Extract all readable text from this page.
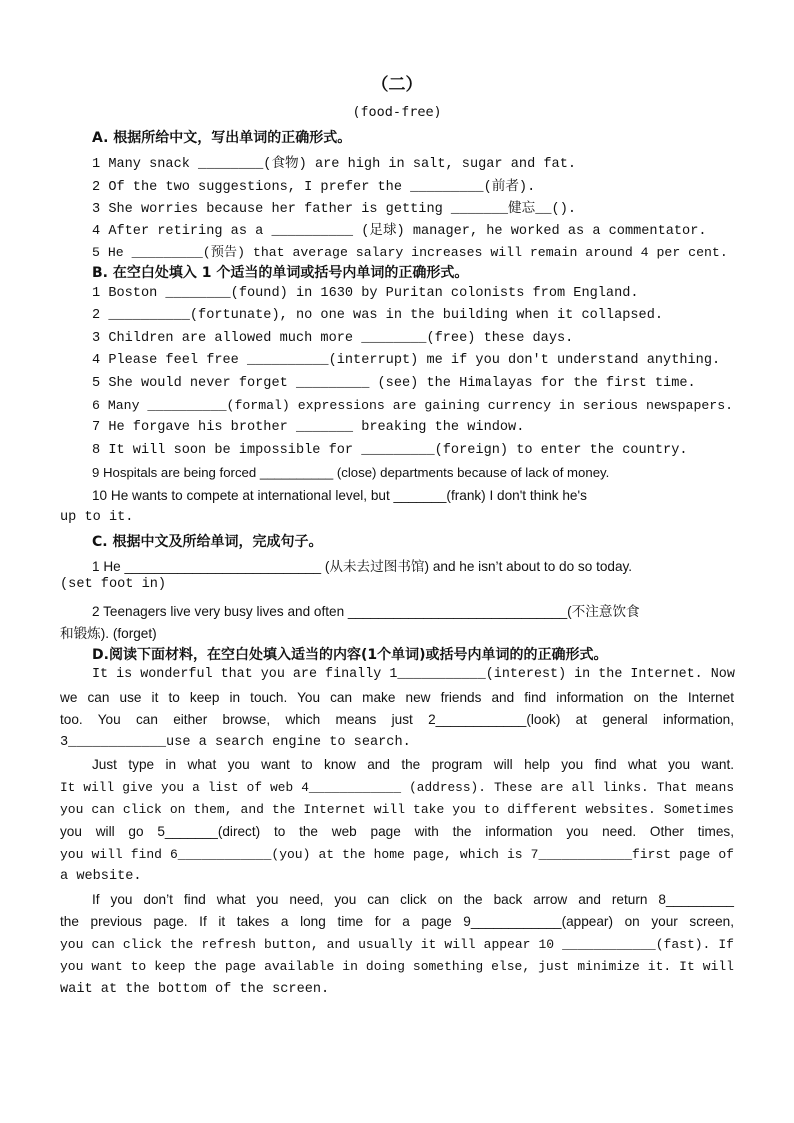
（二）
(food-free)
A. 根据所给中文，写出单词的正确形式。
1 Many snack ________(食物) are high in salt, sugar and fat.
2 Of the two suggestions, I prefer the _________(前者).
3 She worries because her father is getting _______健忘__().
4 After retiring as a __________ (足球) manager, he worked as a commentator.
5 He _________(预告) that average salary increases will remain around 4 per cent.
B. 在空白处填入 1 个适当的单词或括号内单词的正确形式。
1 Boston ________(found) in 1630 by Puritan colonists from England.
2 __________(fortunate), no one was in the building when it collapsed.
3 Children are allowed much more ________(free) these days.
4 Please feel free __________(interrupt) me if you don't understand anything.
5 She would never forget _________ (see) the Himalayas for the first time.
6 Many __________(formal) expressions are gaining currency in serious newspapers.
7 He forgave his brother _______ breaking the window.
8 It will soon be impossible for _________(foreign) to enter the country.
9 Hospitals are being forced __________ (close) departments because of lack of money.
10 He wants to compete at international level, but _______(frank) I don't think he's
up to it.
C. 根据中文及所给单词，完成句子。
1 He __________________________ (从未去过图书馆) and he isn’t about to do so today.
(set foot in)
2 Teenagers live very busy lives and often _____________________________(不注意饮食
和锻炼). (forget)
D.阅读下面材料，在空白处填入适当的内容(1个单词)或括号内单词的的正确形式。
It is wonderful that you are finally 1___________(interest) in the Internet. Now
we can use it to keep in touch. You can make new friends and find information on the Internet
too. You can either browse, which means just 2____________(look) at general information,
3____________use a search engine to search.
Just type in what you want to know and the program will help you find what you want.
It will give you a list of web 4____________ (address). These are all links. That means
you can click on them, and the Internet will take you to different websites. Sometimes
you will go 5_______(direct) to the web page with the information you need. Other times,
you will find 6____________(you) at the home page, which is 7____________first page of
a website.
If you don’t find what you need, you can click on the back arrow and return 8_________
the previous page. If it takes a long time for a page 9____________(appear) on your screen,
you can click the refresh button, and usually it will appear 10 ____________(fast). If
you want to keep the page available in doing something else, just minimize it. It will
wait at the bottom of the screen.
